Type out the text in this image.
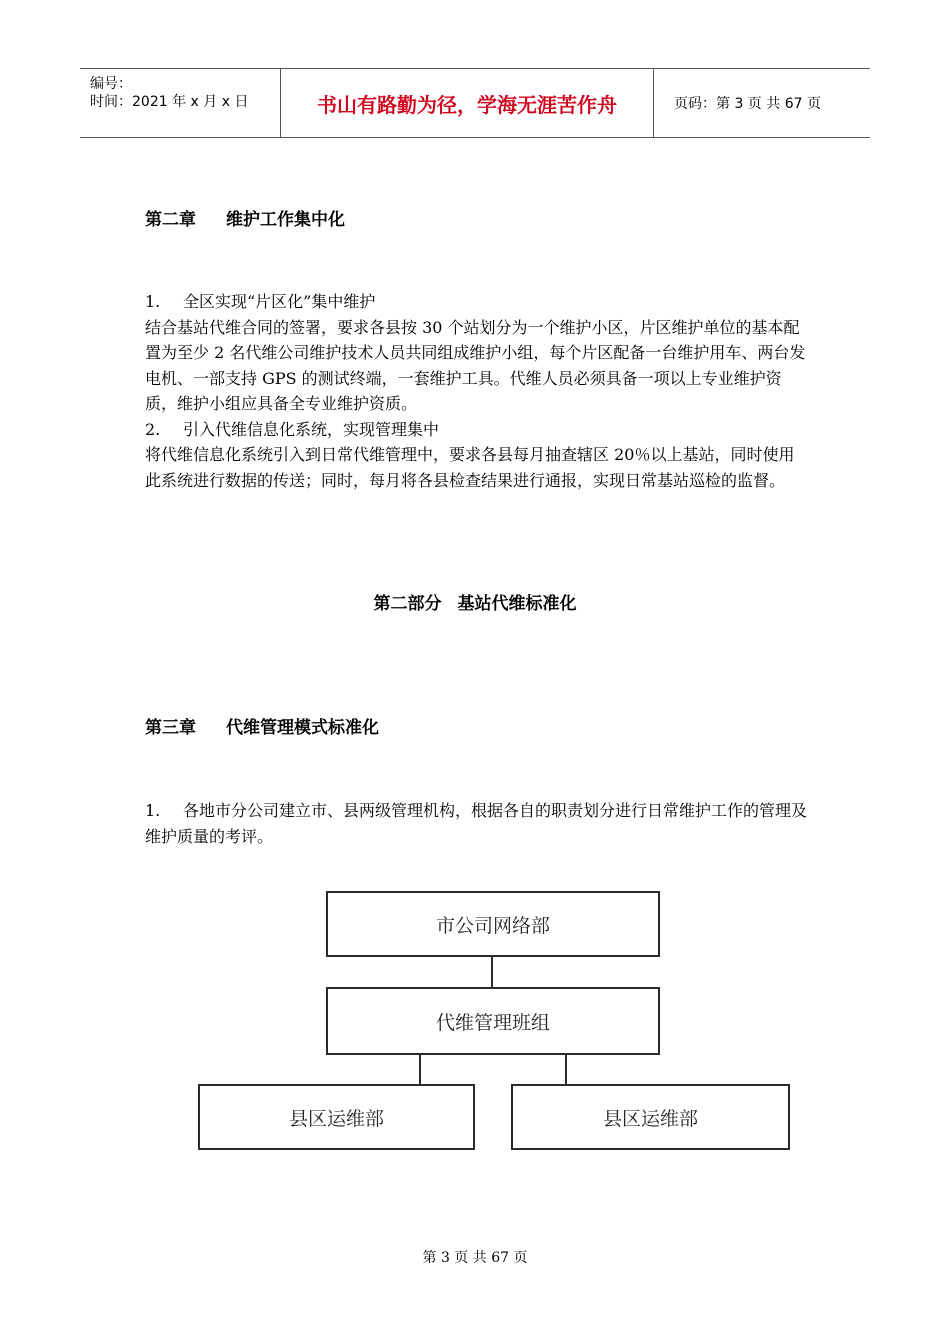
编号：
时间：2021 年 x 月 x 日	书山有路勤为径，学海无涯苦作舟	页码：第 3 页 共 67 页
第二章 维护工作集中化

1. 全区实现“片区化”集中维护

结合基站代维合同的签署，要求各县按 30 个站划分为一个维护小区，片区维护单位的基本配置为至少 2 名代维公司维护技术人员共同组成维护小组，每个片区配备一台维护用车、两台发电机、一部支持 GPS 的测试终端，一套维护工具。代维人员必须具备一项以上专业维护资质，维护小组应具备全专业维护资质。

2. 引入代维信息化系统，实现管理集中

将代维信息化系统引入到日常代维管理中，要求各县每月抽查辖区 20％以上基站，同时使用此系统进行数据的传送；同时，每月将各县检查结果进行通报，实现日常基站巡检的监督。

第二部分 基站代维标准化
第三章 代维管理模式标准化

1. 各地市分公司建立市、县两级管理机构，根据各自的职责划分进行日常维护工作的管理及维护质量的考评。

市公司网络部
代维管理班组
县区运维部	县区运维部
第 3 页 共 67 页
